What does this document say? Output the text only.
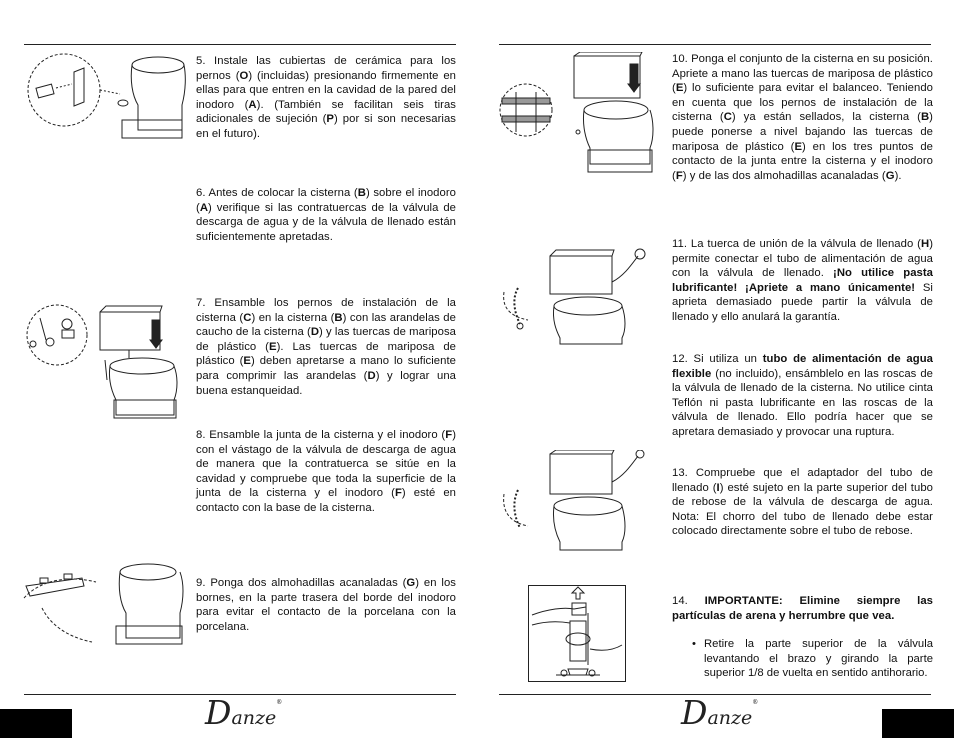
Danze®	Danze®
5. Instale las cubiertas de cerámica para los pernos (O) (incluidas) presionando firmemente en ellas para que entren en la cavidad de la pared del inodoro (A). (También se facilitan seis tiras adicionales de sujeción (P) por si son necesarias en el futuro).
6. Antes de colocar la cisterna (B) sobre el inodoro (A) verifique si las contratuercas de la válvula de descarga de agua y de la válvula de llenado están suficientemente apretadas.
7. Ensamble los pernos de instalación de la cisterna (C) en la cisterna (B) con las arandelas de caucho de la cisterna (D) y las tuercas de mariposa de plástico (E). Las tuercas de mariposa de plástico (E) deben apretarse a mano lo suficiente para comprimir las arandelas (D) y lograr una buena estanqueidad.
8. Ensamble la junta de la cisterna y el inodoro (F) con el vástago de la válvula de descarga de agua de manera que la contratuerca se sitúe en la cavidad y compruebe que toda la superficie de la junta de la cisterna y el inodoro (F) esté en contacto con la base de la cisterna.
9. Ponga dos almohadillas acanaladas (G) en los bornes, en la parte trasera del borde del inodoro para evitar el contacto de la porcelana con la porcelana.
10. Ponga el conjunto de la cisterna en su posición. Apriete a mano las tuercas de mariposa de plástico (E) lo suficiente para evitar el balanceo. Teniendo en cuenta que los pernos de instalación de la cisterna (C) ya están sellados, la cisterna (B) puede ponerse a nivel bajando las tuercas de mariposa de plástico (E) en los tres puntos de contacto de la junta entre la cisterna y el inodoro (F) y de las dos almohadillas acanaladas (G).
11. La tuerca de unión de la válvula de llenado (H) permite conectar el tubo de alimentación de agua con la válvula de llenado. ¡No utilice pasta lubrificante! ¡Apriete a mano únicamente! Si aprieta demasiado puede partir la válvula de llenado y ello anulará la garantía.
12. Si utiliza un tubo de alimentación de agua flexible (no incluido), ensámblelo en las roscas de la válvula de llenado de la cisterna. No utilice cinta Teflón ni pasta lubrificante en las roscas de la válvula de llenado. Ello podría hacer que se apretara demasiado y provocar una ruptura.
13. Compruebe que el adaptador del tubo de llenado (I) esté sujeto en la parte superior del tubo de rebose de la válvula de descarga de agua. Nota: El chorro del tubo de llenado debe estar colocado directamente sobre el tubo de rebose.
14. IMPORTANTE: Elimine siempre las partículas de arena y herrumbre que vea.
• Retire la parte superior de la válvula levantando el brazo y girando la parte superior 1/8 de vuelta en sentido antihorario.
